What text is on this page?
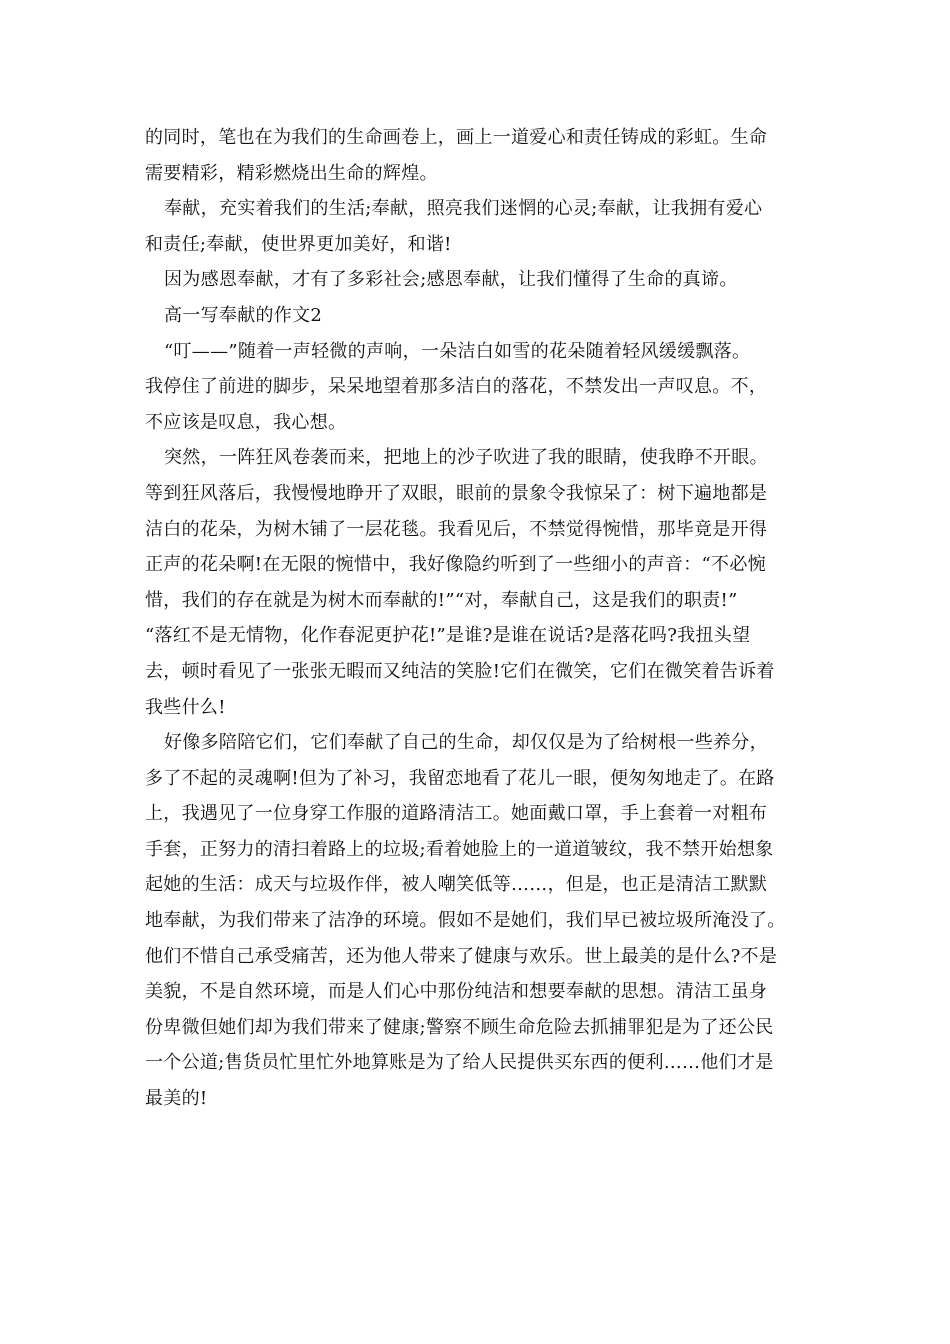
的同时，笔也在为我们的生命画卷上，画上一道爱心和责任铸成的彩虹。生命
需要精彩，精彩燃烧出生命的辉煌。
奉献，充实着我们的生活;奉献，照亮我们迷惘的心灵;奉献，让我拥有爱心
和责任;奉献，使世界更加美好，和谐!
因为感恩奉献，才有了多彩社会;感恩奉献，让我们懂得了生命的真谛。
高一写奉献的作文2
“叮——”随着一声轻微的声响，一朵洁白如雪的花朵随着轻风缓缓飘落。
我停住了前进的脚步，呆呆地望着那多洁白的落花，不禁发出一声叹息。不，
不应该是叹息，我心想。
突然，一阵狂风卷袭而来，把地上的沙子吹进了我的眼睛，使我睁不开眼。
等到狂风落后，我慢慢地睁开了双眼，眼前的景象令我惊呆了：树下遍地都是
洁白的花朵，为树木铺了一层花毯。我看见后，不禁觉得惋惜，那毕竟是开得
正声的花朵啊!在无限的惋惜中，我好像隐约听到了一些细小的声音：“不必惋
惜，我们的存在就是为树木而奉献的!”“对，奉献自己，这是我们的职责!”
“落红不是无情物，化作春泥更护花!”是谁?是谁在说话?是落花吗?我扭头望
去，顿时看见了一张张无暇而又纯洁的笑脸!它们在微笑，它们在微笑着告诉着
我些什么!
好像多陪陪它们，它们奉献了自己的生命，却仅仅是为了给树根一些养分，
多了不起的灵魂啊!但为了补习，我留恋地看了花儿一眼，便匆匆地走了。在路
上，我遇见了一位身穿工作服的道路清洁工。她面戴口罩，手上套着一对粗布
手套，正努力的清扫着路上的垃圾;看着她脸上的一道道皱纹，我不禁开始想象
起她的生活：成天与垃圾作伴，被人嘲笑低等……，但是，也正是清洁工默默
地奉献，为我们带来了洁净的环境。假如不是她们，我们早已被垃圾所淹没了。
他们不惜自己承受痛苦，还为他人带来了健康与欢乐。世上最美的是什么?不是
美貌，不是自然环境，而是人们心中那份纯洁和想要奉献的思想。清洁工虽身
份卑微但她们却为我们带来了健康;警察不顾生命危险去抓捕罪犯是为了还公民
一个公道;售货员忙里忙外地算账是为了给人民提供买东西的便利……他们才是
最美的!
